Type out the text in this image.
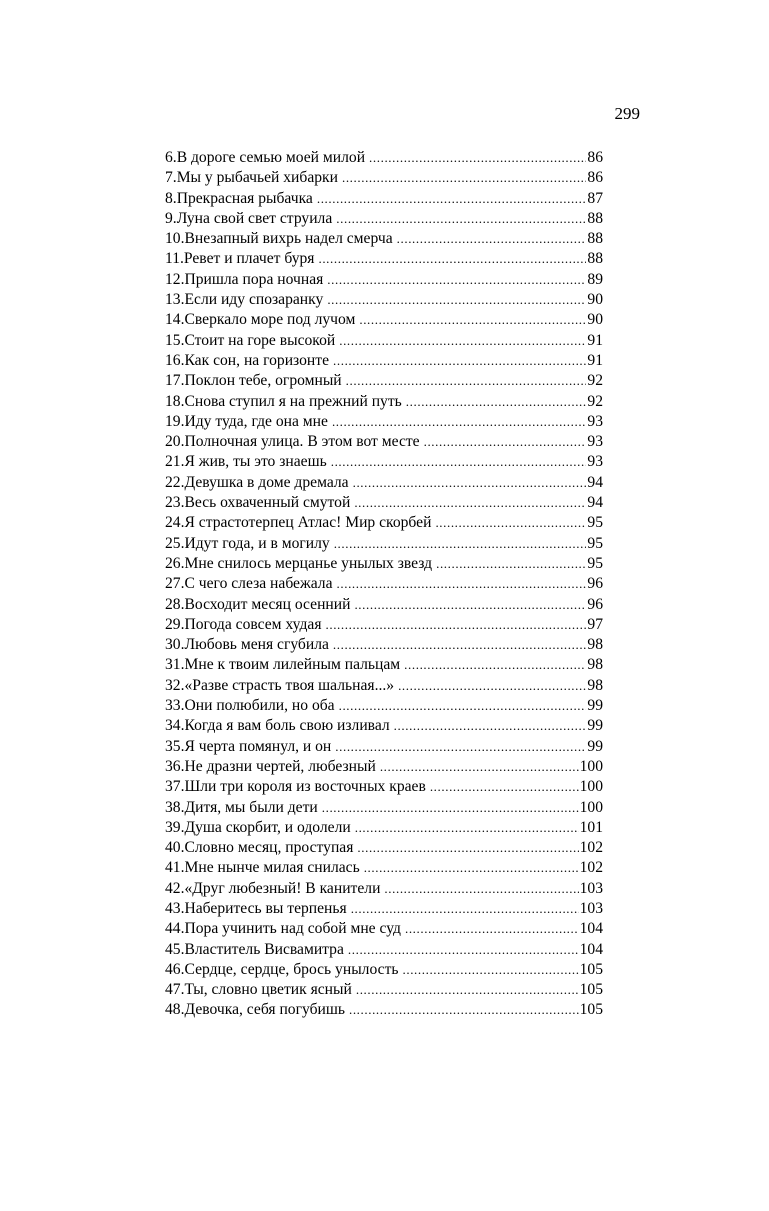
299
6.В дороге семью моей милой .....	86
7.Мы у рыбачьей хибарки .....	86
8.Прекрасная рыбачка .....	87
9.Луна свой свет струила .....	88
10.Внезапный вихрь надел смерча .....	88
11.Ревет и плачет буря .....	88
12.Пришла пора ночная .....	89
13.Если иду спозаранку .....	90
14.Сверкало море под лучом .....	90
15.Стоит на горе высокой .....	91
16.Как сон, на горизонте .....	91
17.Поклон тебе, огромный .....	92
18.Снова ступил я на прежний путь .....	92
19.Иду туда, где она мне .....	93
20.Полночная улица. В этом вот месте .....	93
21.Я жив, ты это знаешь .....	93
22.Девушка в доме дремала .....	94
23.Весь охваченный смутой .....	94
24.Я страстотерпец Атлас! Мир скорбей .....	95
25.Идут года, и в могилу .....	95
26.Мне снилось мерцанье унылых звезд .....	95
27.С чего слеза набежала .....	96
28.Восходит месяц осенний .....	96
29.Погода совсем худая .....	97
30.Любовь меня сгубила .....	98
31.Мне к твоим лилейным пальцам .....	98
32.«Разве страсть твоя шальная...» .....	98
33.Они полюбили, но оба .....	99
34.Когда я вам боль свою изливал .....	99
35.Я черта помянул, и он .....	99
36.Не дразни чертей, любезный .....	100
37.Шли три короля из восточных краев .....	100
38.Дитя, мы были дети .....	100
39.Душа скорбит, и одолели .....	101
40.Словно месяц, проступая .....	102
41.Мне нынче милая снилась .....	102
42.«Друг любезный! В канители .....	103
43.Наберитесь вы терпенья .....	103
44.Пора учинить над собой мне суд .....	104
45.Властитель Висвамитра .....	104
46.Сердце, сердце, брось унылость .....	105
47.Ты, словно цветик ясный .....	105
48.Девочка, себя погубишь .....	105
